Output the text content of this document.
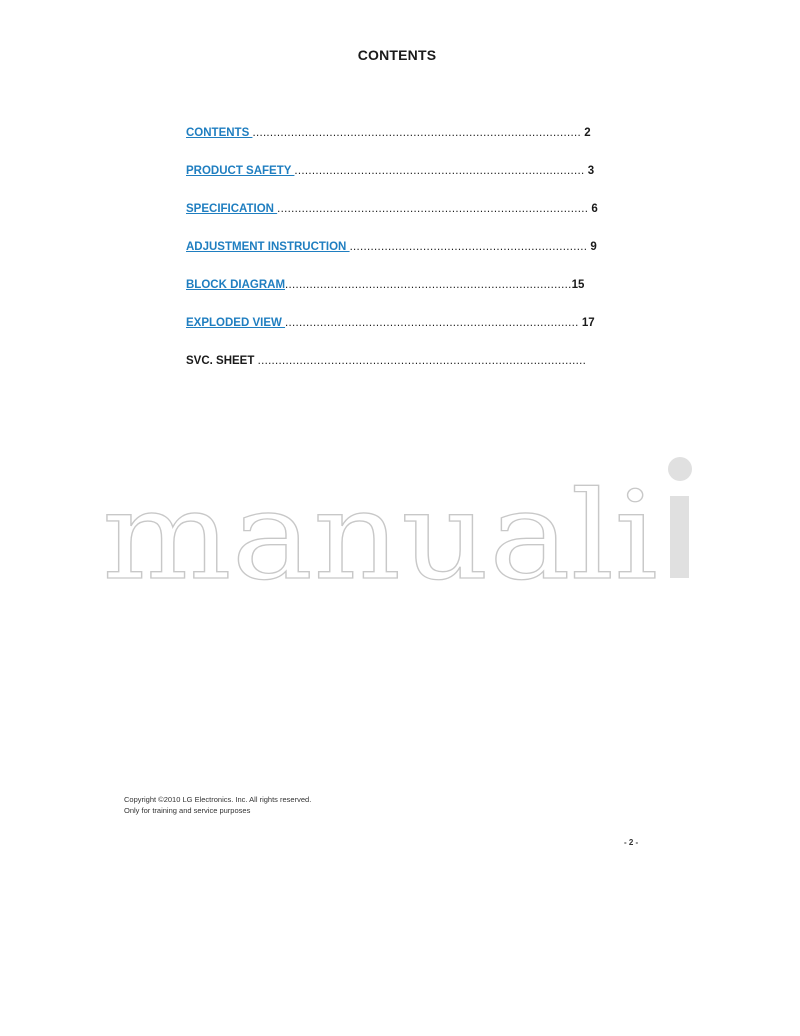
CONTENTS
CONTENTS .............................................................................................. 2
PRODUCT SAFETY ................................................................................... 3
SPECIFICATION ......................................................................................... 6
ADJUSTMENT INSTRUCTION .................................................................... 9
BLOCK DIAGRAM..................................................................................15
EXPLODED VIEW .................................................................................... 17
SVC. SHEET ..............................................................................................
manuali
Copyright ©2010 LG Electronics. Inc. All rights reserved.
Only for training and service purposes
- 2 -
